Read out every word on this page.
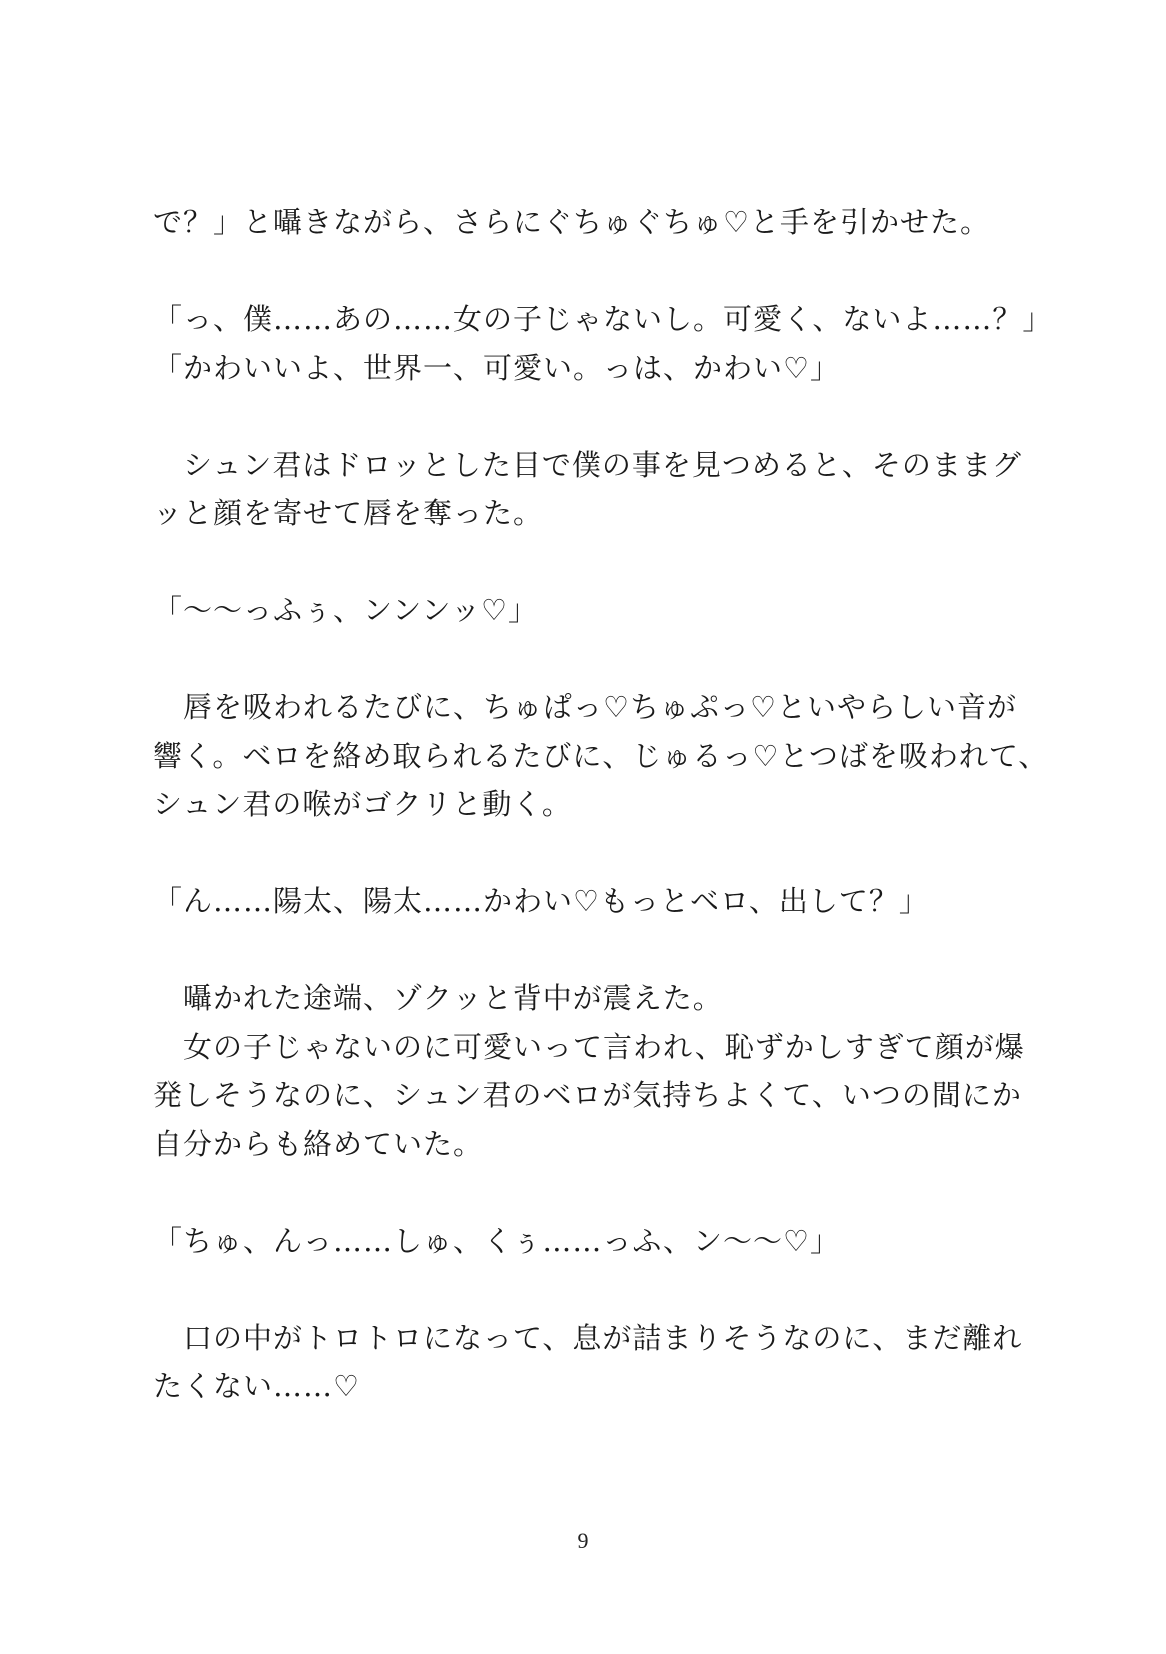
で？」と囁きながら、さらにぐちゅぐちゅ♡と手を引かせた。
「っ、僕……あの……女の子じゃないし。可愛く、ないよ……？」
「かわいいよ、世界一、可愛い。っは、かわい♡」
　シュン君はドロッとした目で僕の事を見つめると、そのままグ
ッと顔を寄せて唇を奪った。
「〜〜っふぅ、ンンンッ♡」
　唇を吸われるたびに、ちゅぱっ♡ちゅぷっ♡といやらしい音が
響く。ベロを絡め取られるたびに、じゅるっ♡とつばを吸われて、
シュン君の喉がゴクリと動く。
「ん……陽太、陽太……かわい♡もっとベロ、出して？」
　囁かれた途端、ゾクッと背中が震えた。
　女の子じゃないのに可愛いって言われ、恥ずかしすぎて顔が爆
発しそうなのに、シュン君のベロが気持ちよくて、いつの間にか
自分からも絡めていた。
「ちゅ、んっ……しゅ、くぅ……っふ、ン〜〜♡」
　口の中がトロトロになって、息が詰まりそうなのに、まだ離れ
たくない……♡
9
